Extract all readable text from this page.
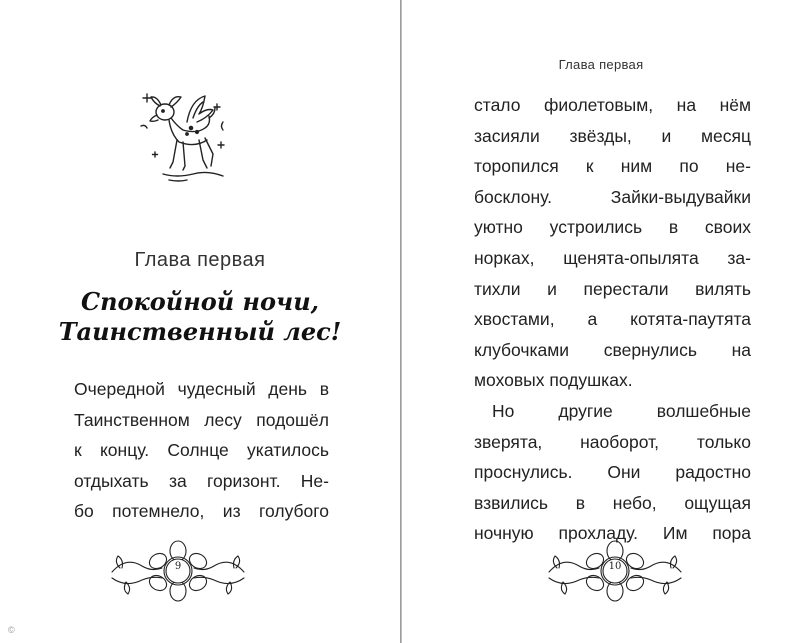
Глава первая
Спокойной ночи,
Таинственный лес!
Очередной чудесный день в
Таинственном лесу подошёл
к концу. Солнце укатилось
отдыхать за горизонт. Не-
бо потемнело, из голубого
9
Глава первая
стало фиолетовым, на нём
засияли звёзды, и месяц
торопился к ним по не-
босклону. Зайки-выдувайки
уютно устроились в своих
норках, щенята-опылята за-
тихли и перестали вилять
хвостами, а котята-паутята
клубочками свернулись на
моховых подушках.
Но другие волшебные
зверята, наоборот, только
проснулись. Они радостно
взвились в небо, ощущая
ночную прохладу. Им пора
10
©
